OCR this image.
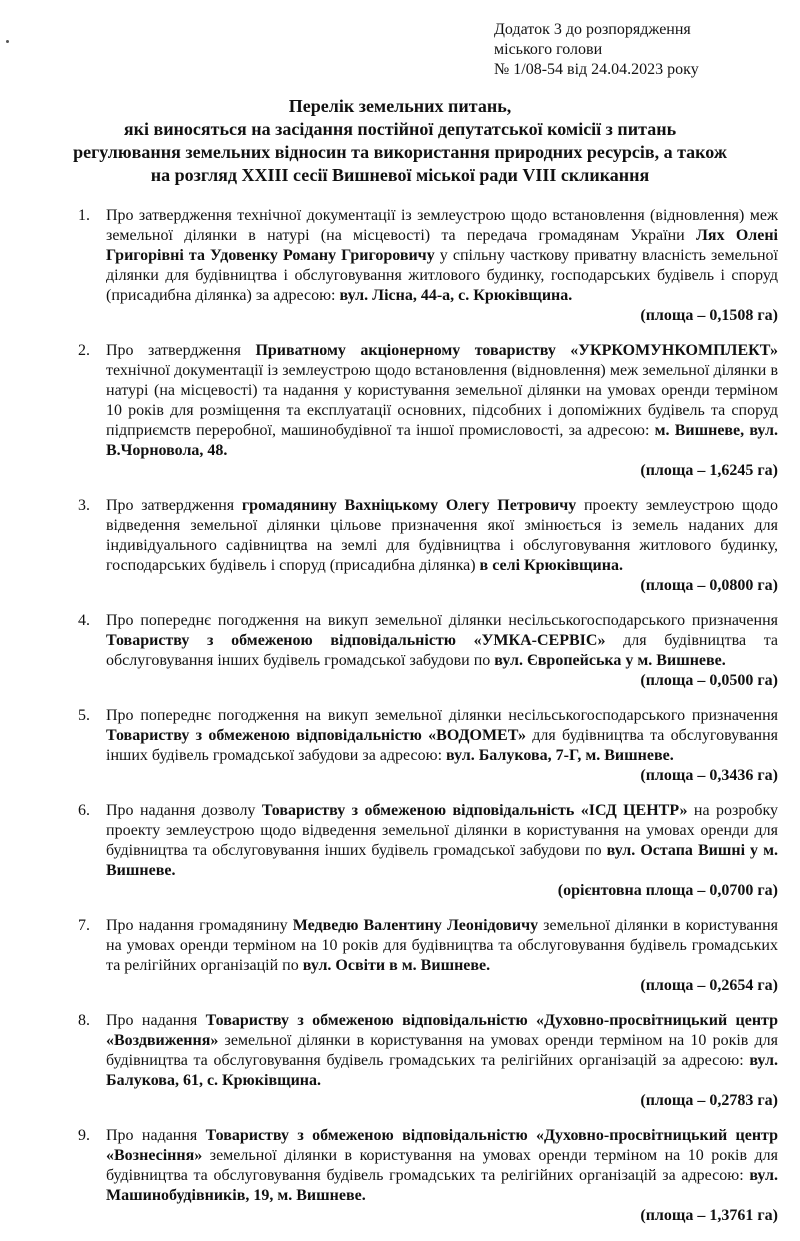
Додаток 3 до розпорядження
міського голови
№ 1/08-54 від 24.04.2023 року
Перелік земельних питань,
які виносяться на засідання постійної депутатської комісії з питань
регулювання земельних відносин та використання природних ресурсів, а також
на розгляд XXIII сесії Вишневої міської ради VIII скликання
1. Про затвердження технічної документації із землеустрою щодо встановлення (відновлення) меж земельної ділянки в натурі (на місцевості) та передача громадянам України Лях Олені Григорівні та Удовенку Роману Григоровичу у спільну часткову приватну власність земельної ділянки для будівництва і обслуговування житлового будинку, господарських будівель і споруд (присадибна ділянка) за адресою: вул. Лісна, 44-а, с. Крюківщина.
(площа – 0,1508 га)
2. Про затвердження Приватному акціонерному товариству «УКРКОМУНКОМПЛЕКТ» технічної документації із землеустрою щодо встановлення (відновлення) меж земельної ділянки в натурі (на місцевості) та надання у користування земельної ділянки на умовах оренди терміном 10 років для розміщення та експлуатації основних, підсобних і допоміжних будівель та споруд підприємств переробної, машинобудівної та іншої промисловості, за адресою: м. Вишневе, вул. В.Чорновола, 48.
(площа – 1,6245 га)
3. Про затвердження громадянину Вахніцькому Олегу Петровичу проекту землеустрою щодо відведення земельної ділянки цільове призначення якої змінюється із земель наданих для індивідуального садівництва на землі для будівництва і обслуговування житлового будинку, господарських будівель і споруд (присадибна ділянка) в селі Крюківщина.
(площа – 0,0800 га)
4. Про попереднє погодження на викуп земельної ділянки несільськогосподарського призначення Товариству з обмеженою відповідальністю «УМКА-СЕРВІС» для будівництва та обслуговування інших будівель громадської забудови по вул. Європейська у м. Вишневе.
(площа – 0,0500 га)
5. Про попереднє погодження на викуп земельної ділянки несільськогосподарського призначення Товариству з обмеженою відповідальністю «ВОДОМЕТ» для будівництва та обслуговування інших будівель громадської забудови за адресою: вул. Балукова, 7-Г, м. Вишневе.
(площа – 0,3436 га)
6. Про надання дозволу Товариству з обмеженою відповідальність «ІСД ЦЕНТР» на розробку проекту землеустрою щодо відведення земельної ділянки в користування на умовах оренди для будівництва та обслуговування інших будівель громадської забудови по вул. Остапа Вишні у м. Вишневе.
(орієнтовна площа – 0,0700 га)
7. Про надання громадянину Медведю Валентину Леонідовичу земельної ділянки в користування на умовах оренди терміном на 10 років для будівництва та обслуговування будівель громадських та релігійних організацій по вул. Освіти в м. Вишневе.
(площа – 0,2654 га)
8. Про надання Товариству з обмеженою відповідальністю «Духовно-просвітницький центр «Воздвиження» земельної ділянки в користування на умовах оренди терміном на 10 років для будівництва та обслуговування будівель громадських та релігійних організацій за адресою: вул. Балукова, 61, с. Крюківщина.
(площа – 0,2783 га)
9. Про надання Товариству з обмеженою відповідальністю «Духовно-просвітницький центр «Вознесіння» земельної ділянки в користування на умовах оренди терміном на 10 років для будівництва та обслуговування будівель громадських та релігійних організацій за адресою: вул. Машинобудівників, 19, м. Вишневе.
(площа – 1,3761 га)
